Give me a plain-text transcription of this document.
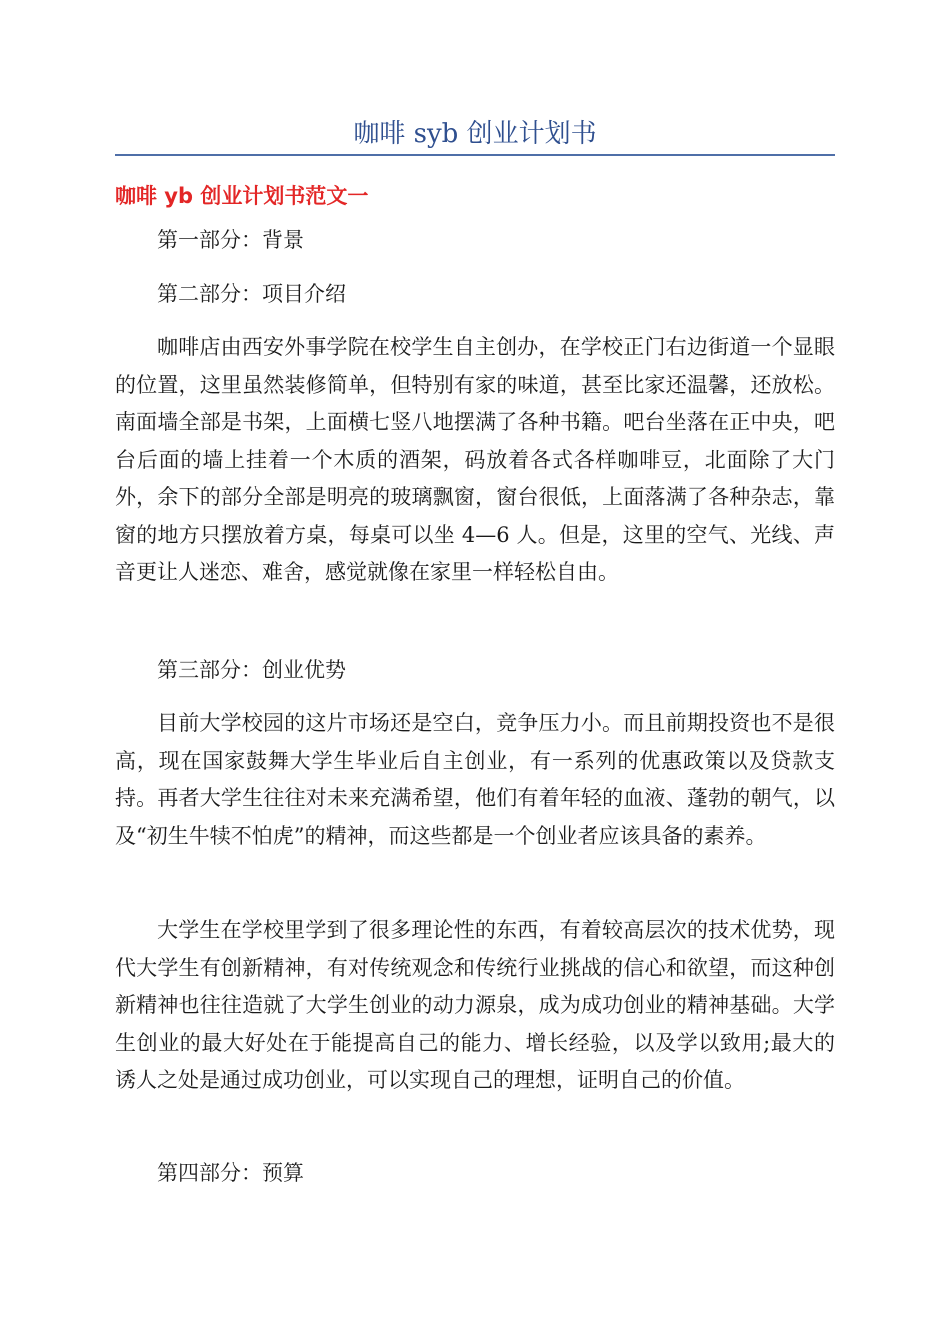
咖啡 syb 创业计划书
咖啡 yb 创业计划书范文一

第一部分：背景

第二部分：项目介绍

咖啡店由西安外事学院在校学生自主创办，在学校正门右边街道一个显眼的位置，这里虽然装修简单，但特别有家的味道，甚至比家还温馨，还放松。南面墙全部是书架，上面横七竖八地摆满了各种书籍。吧台坐落在正中央，吧台后面的墙上挂着一个木质的酒架，码放着各式各样咖啡豆，北面除了大门外，余下的部分全部是明亮的玻璃飘窗，窗台很低，上面落满了各种杂志，靠窗的地方只摆放着方桌，每桌可以坐 4—6 人。但是，这里的空气、光线、声音更让人迷恋、难舍，感觉就像在家里一样轻松自由。

第三部分：创业优势

目前大学校园的这片市场还是空白，竞争压力小。而且前期投资也不是很高，现在国家鼓舞大学生毕业后自主创业，有一系列的优惠政策以及贷款支持。再者大学生往往对未来充满希望，他们有着年轻的血液、蓬勃的朝气，以及“初生牛犊不怕虎”的精神，而这些都是一个创业者应该具备的素养。

大学生在学校里学到了很多理论性的东西，有着较高层次的技术优势，现代大学生有创新精神，有对传统观念和传统行业挑战的信心和欲望，而这种创新精神也往往造就了大学生创业的动力源泉，成为成功创业的精神基础。大学生创业的最大好处在于能提高自己的能力、增长经验，以及学以致用;最大的诱人之处是通过成功创业，可以实现自己的理想，证明自己的价值。

第四部分：预算
